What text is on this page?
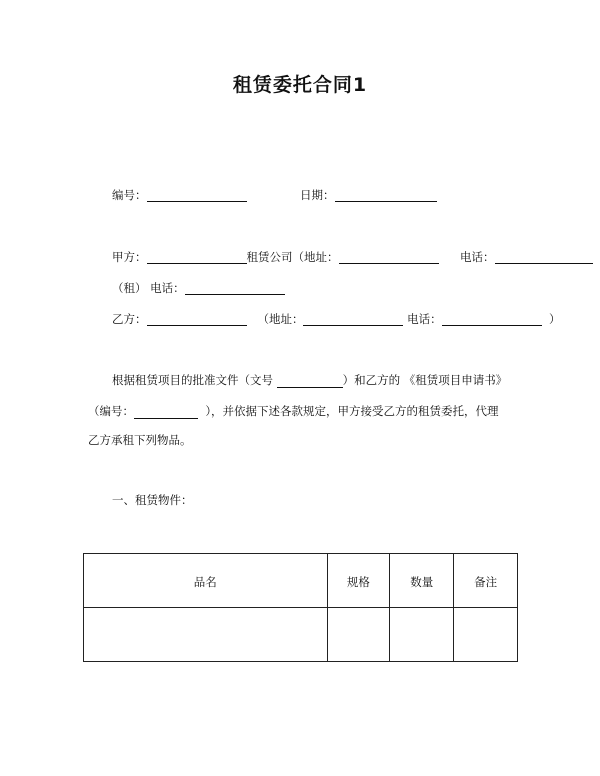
租赁委托合同1
编号：	日期：
甲方：	租赁公司（地址：	电话：
（租） 电话：
乙方：	（地址：	电话：	）
根据租赁项目的批准文件（文号	）和乙方的 《租赁项目申请书》
（编号：	），并依据下述各款规定，甲方接受乙方的租赁委托，代理
乙方承租下列物品。
一、租赁物件：
品名	规格	数量	备注
